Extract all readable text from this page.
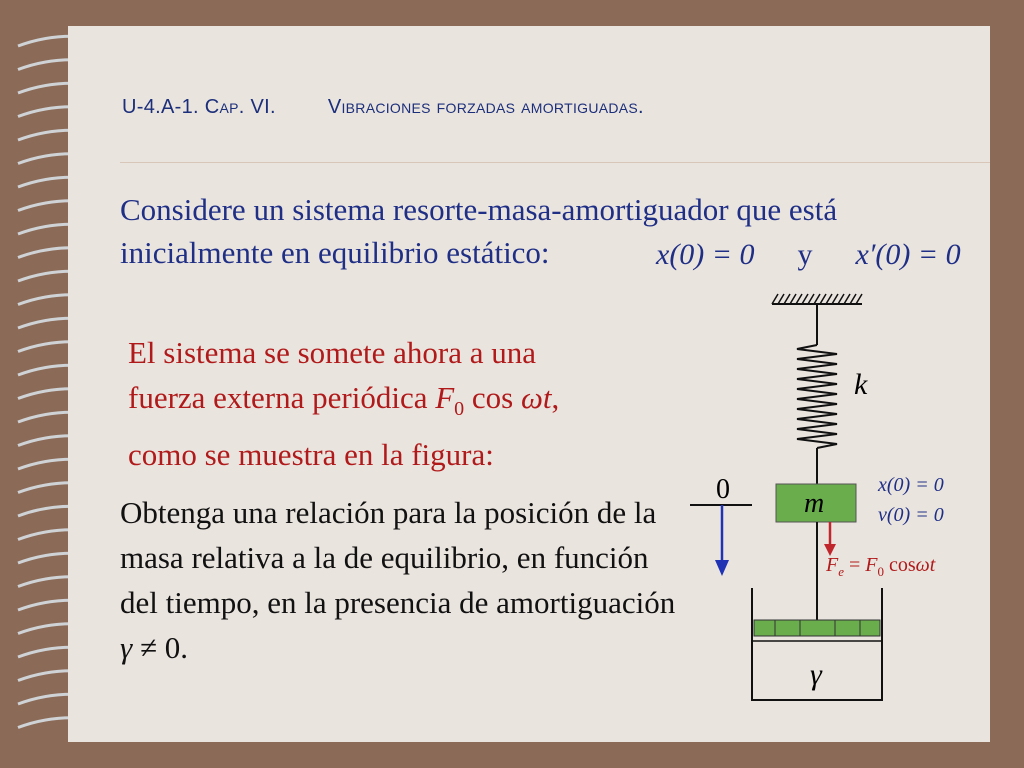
U-4.A-1. Cap. VI.	Vibraciones forzadas amortiguadas.
Considere un sistema resorte-masa-amortiguador que está inicialmente en equilibrio estático:	x(0) = 0 y x′(0) = 0
El sistema se somete ahora a una
fuerza externa periódica $F_0$ cos ωt,
como se muestra en la figura:
Obtenga una relación para la posición de la masa relativa a la de equilibrio, en función del tiempo, en la presencia de amortiguación γ ≠ 0.
k
m
0	x(0) = 0
v(0) = 0
$F_e = F_0$ cosωt
γ
